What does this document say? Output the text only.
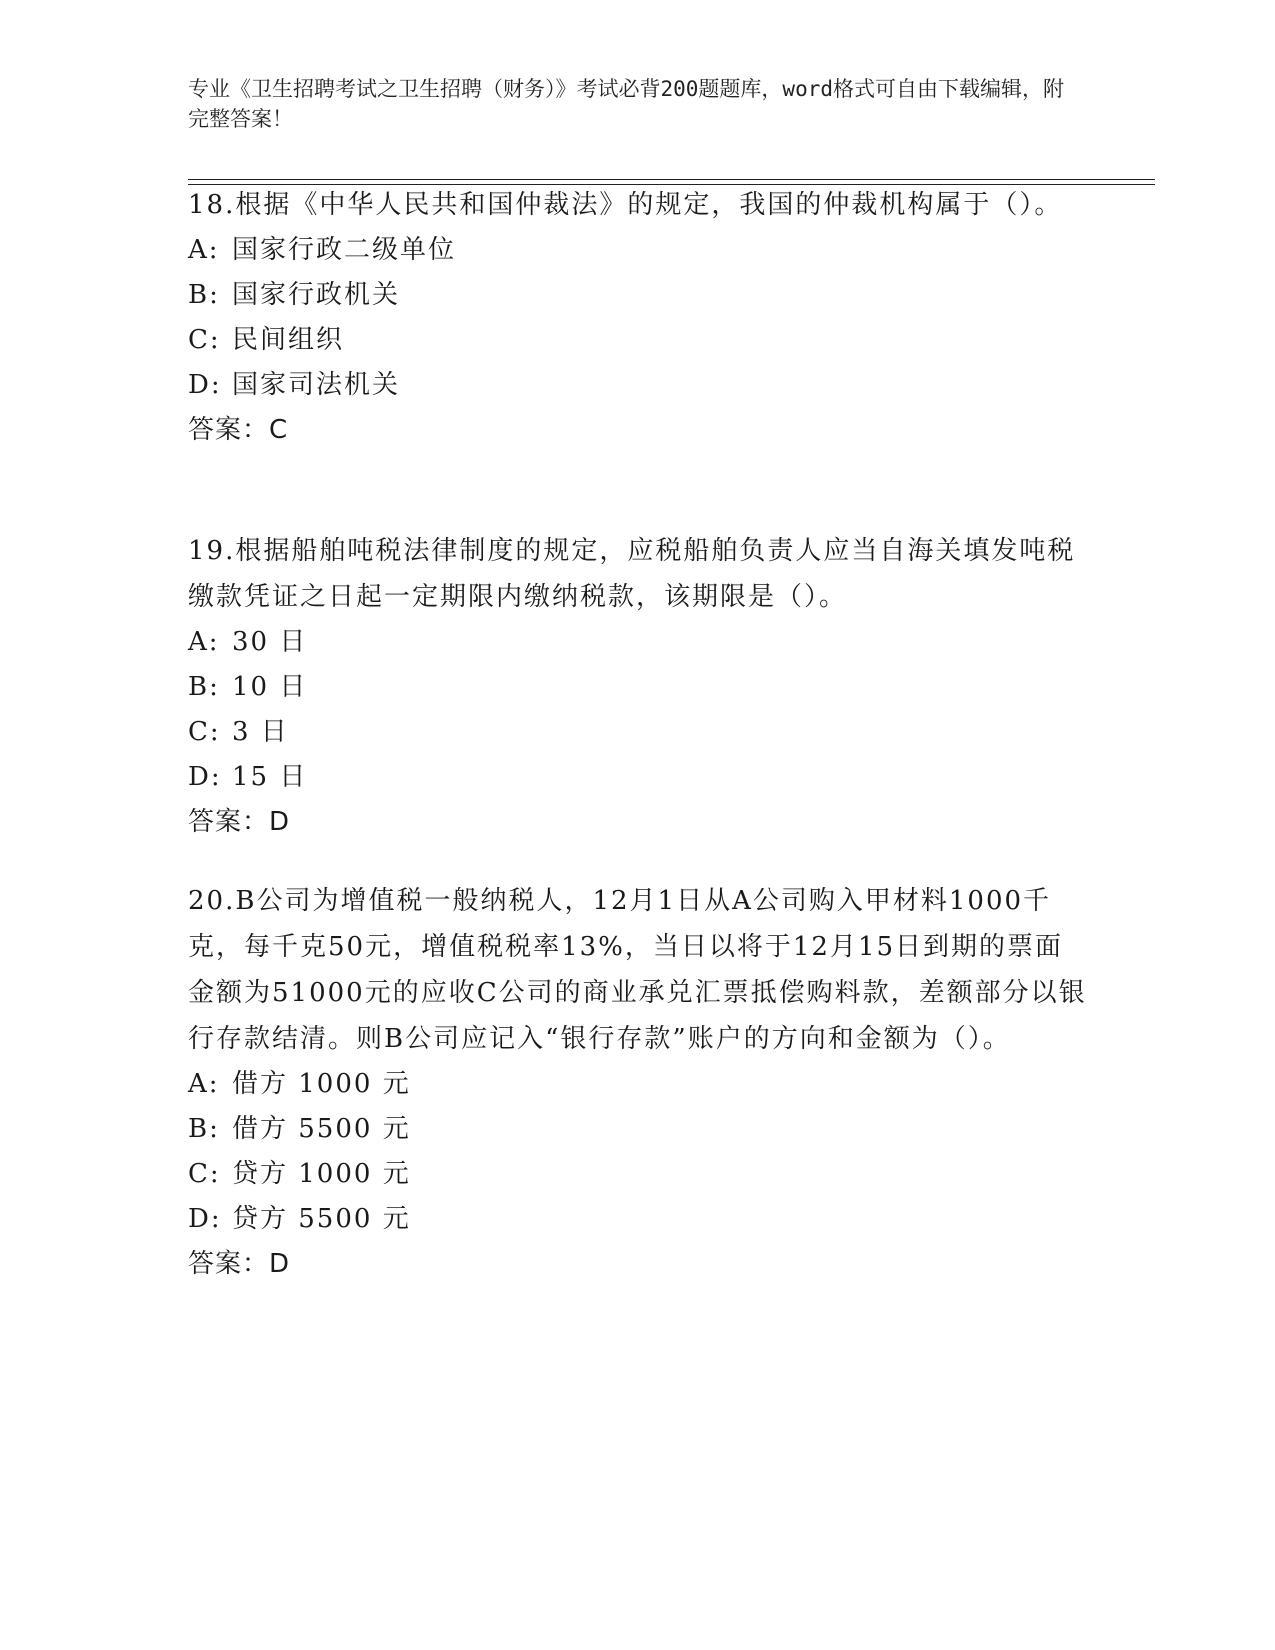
专业《卫生招聘考试之卫生招聘（财务）》考试必背200题题库，word格式可自由下载编辑，附完整答案！
18.根据《中华人民共和国仲裁法》的规定，我国的仲裁机构属于（）。
A: 国家行政二级单位
B: 国家行政机关
C: 民间组织
D: 国家司法机关
答案：C
19.根据船舶吨税法律制度的规定，应税船舶负责人应当自海关填发吨税缴款凭证之日起一定期限内缴纳税款，该期限是（）。
A: 30 日
B: 10 日
C: 3 日
D: 15 日
答案：D
20.B公司为增值税一般纳税人，12月1日从A公司购入甲材料1000千克，每千克50元，增值税税率13%，当日以将于12月15日到期的票面金额为51000元的应收C公司的商业承兑汇票抵偿购料款，差额部分以银行存款结清。则B公司应记入“银行存款”账户的方向和金额为（）。
A: 借方 1000 元
B: 借方 5500 元
C: 贷方 1000 元
D: 贷方 5500 元
答案：D
